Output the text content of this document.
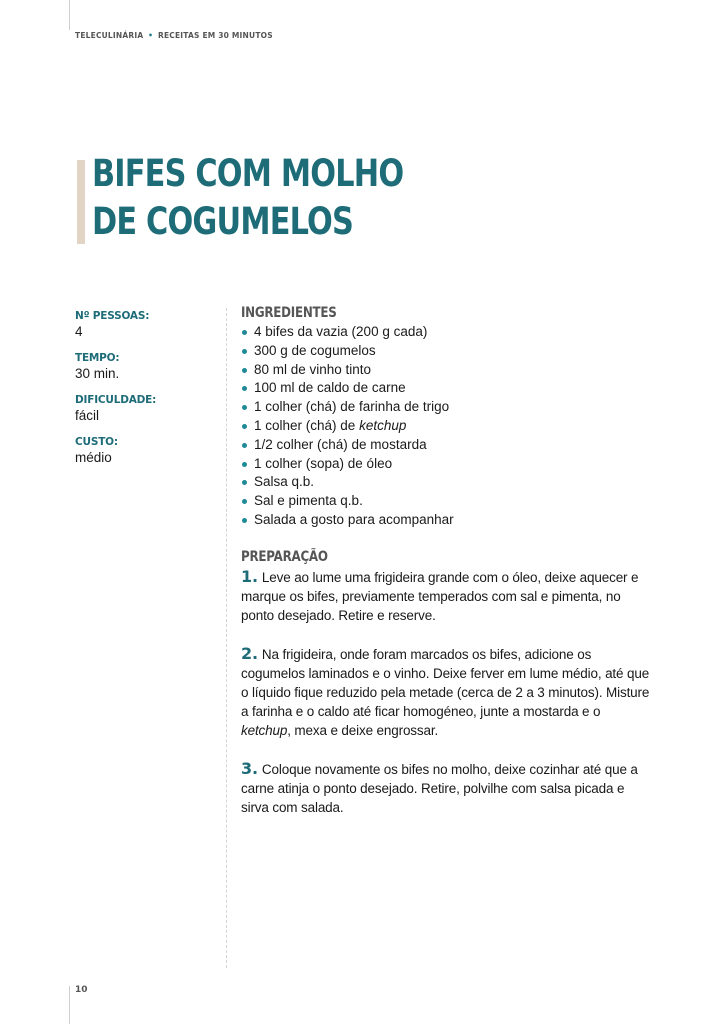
TELECULINÁRIA • RECEITAS EM 30 MINUTOS
BIFES COM MOLHO
DE COGUMELOS
Nº PESSOAS:
4
TEMPO:
30 min.
DIFICULDADE:
fácil
CUSTO:
médio
INGREDIENTES
4 bifes da vazia (200 g cada)
300 g de cogumelos
80 ml de vinho tinto
100 ml de caldo de carne
1 colher (chá) de farinha de trigo
1 colher (chá) de ketchup
1/2 colher (chá) de mostarda
1 colher (sopa) de óleo
Salsa q.b.
Sal e pimenta q.b.
Salada a gosto para acompanhar
PREPARAÇÃO

1. Leve ao lume uma frigideira grande com o óleo, deixe aquecer e marque os bifes, previamente temperados com sal e pimenta, no ponto desejado. Retire e reserve.

2. Na frigideira, onde foram marcados os bifes, adicione os cogumelos laminados e o vinho. Deixe ferver em lume médio, até que o líquido fique reduzido pela metade (cerca de 2 a 3 minutos). Misture a farinha e o caldo até ficar homogéneo, junte a mostarda e o ketchup, mexa e deixe engrossar.

3. Coloque novamente os bifes no molho, deixe cozinhar até que a carne atinja o ponto desejado. Retire, polvilhe com salsa picada e sirva com salada.

10
